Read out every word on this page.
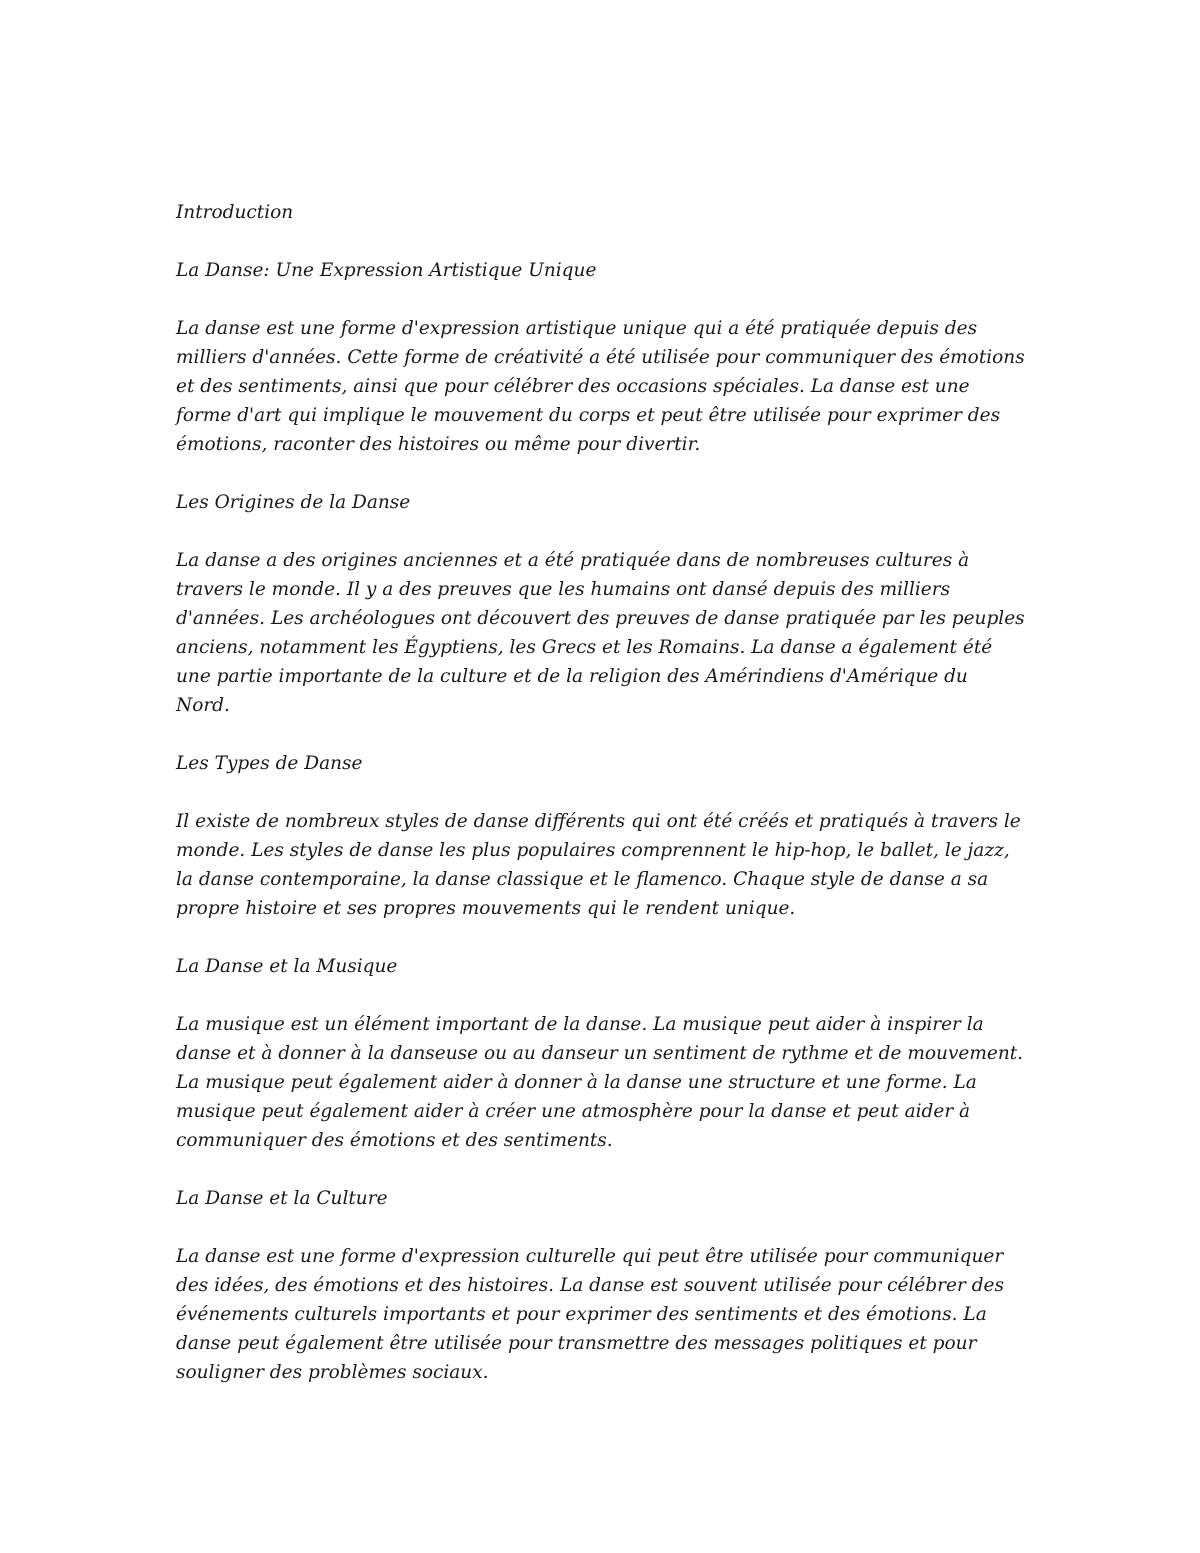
Introduction

La Danse: Une Expression Artistique Unique

La danse est une forme d'expression artistique unique qui a été pratiquée depuis des milliers d'années. Cette forme de créativité a été utilisée pour communiquer des émotions et des sentiments, ainsi que pour célébrer des occasions spéciales. La danse est une forme d'art qui implique le mouvement du corps et peut être utilisée pour exprimer des émotions, raconter des histoires ou même pour divertir.

Les Origines de la Danse

La danse a des origines anciennes et a été pratiquée dans de nombreuses cultures à travers le monde. Il y a des preuves que les humains ont dansé depuis des milliers d'années. Les archéologues ont découvert des preuves de danse pratiquée par les peuples anciens, notamment les Égyptiens, les Grecs et les Romains. La danse a également été une partie importante de la culture et de la religion des Amérindiens d'Amérique du Nord.

Les Types de Danse

Il existe de nombreux styles de danse différents qui ont été créés et pratiqués à travers le monde. Les styles de danse les plus populaires comprennent le hip-hop, le ballet, le jazz, la danse contemporaine, la danse classique et le flamenco. Chaque style de danse a sa propre histoire et ses propres mouvements qui le rendent unique.

La Danse et la Musique

La musique est un élément important de la danse. La musique peut aider à inspirer la danse et à donner à la danseuse ou au danseur un sentiment de rythme et de mouvement. La musique peut également aider à donner à la danse une structure et une forme. La musique peut également aider à créer une atmosphère pour la danse et peut aider à communiquer des émotions et des sentiments.

La Danse et la Culture

La danse est une forme d'expression culturelle qui peut être utilisée pour communiquer des idées, des émotions et des histoires. La danse est souvent utilisée pour célébrer des événements culturels importants et pour exprimer des sentiments et des émotions. La danse peut également être utilisée pour transmettre des messages politiques et pour souligner des problèmes sociaux.
